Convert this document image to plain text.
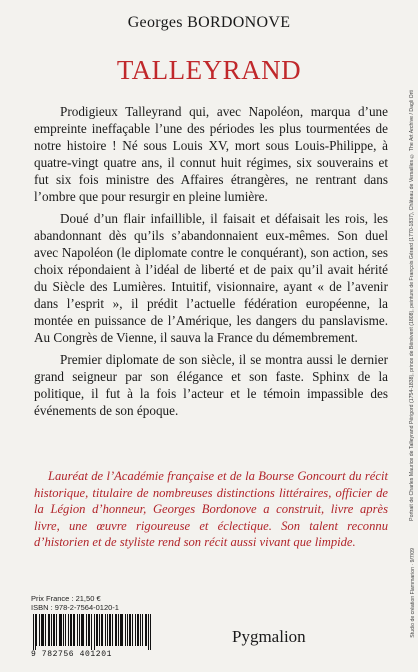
Georges BORDONOVE
TALLEYRAND

Prodigieux Talleyrand qui, avec Napoléon, marqua d’une empreinte ineffaçable l’une des périodes les plus tourmentées de notre histoire ! Né sous Louis XV, mort sous Louis-Philippe, à quatre-vingt quatre ans, il connut huit régimes, six souverains et fut six fois ministre des Affaires étrangères, ne rentrant dans l’ombre que pour resurgir en pleine lumière.

Doué d’un flair infaillible, il faisait et défaisait les rois, les abandonnant dès qu’ils s’abandonnaient eux-mêmes. Son duel avec Napoléon (le diplomate contre le conquérant), son action, ses choix répondaient à l’idéal de liberté et de paix qu’il avait hérité du Siècle des Lumières. Intuitif, visionnaire, ayant « de l’avenir dans l’esprit », il prédit l’actuelle fédération européenne, la montée en puissance de l’Amérique, les dangers du panslavisme. Au Congrès de Vienne, il sauva la France du démembrement.

Premier diplomate de son siècle, il se montra aussi le dernier grand seigneur par son élégance et son faste. Sphinx de la politique, il fut à la fois l’acteur et le témoin impassible des événements de son époque.

Lauréat de l’Académie française et de la Bourse Goncourt du récit historique, titulaire de nombreuses distinctions littéraires, officier de la Légion d’honneur, Georges Bordonove a construit, livre après livre, une œuvre rigoureuse et éclectique. Son talent reconnu d’historien et de styliste rend son récit aussi vivant que limpide.

Portrait de Charles Maurice de Talleyrand Périgord (1754-1838), prince de Bénévent (1808), peinture de François Gérard (1770-1837), Château de Versailles © The Art Archive / Dagli Orti
Studio de création Flammarion · 9/7/09
Prix France : 21,50 €
ISBN : 978-2-7564-0120-1
9 782756 401201
Pygmalion
